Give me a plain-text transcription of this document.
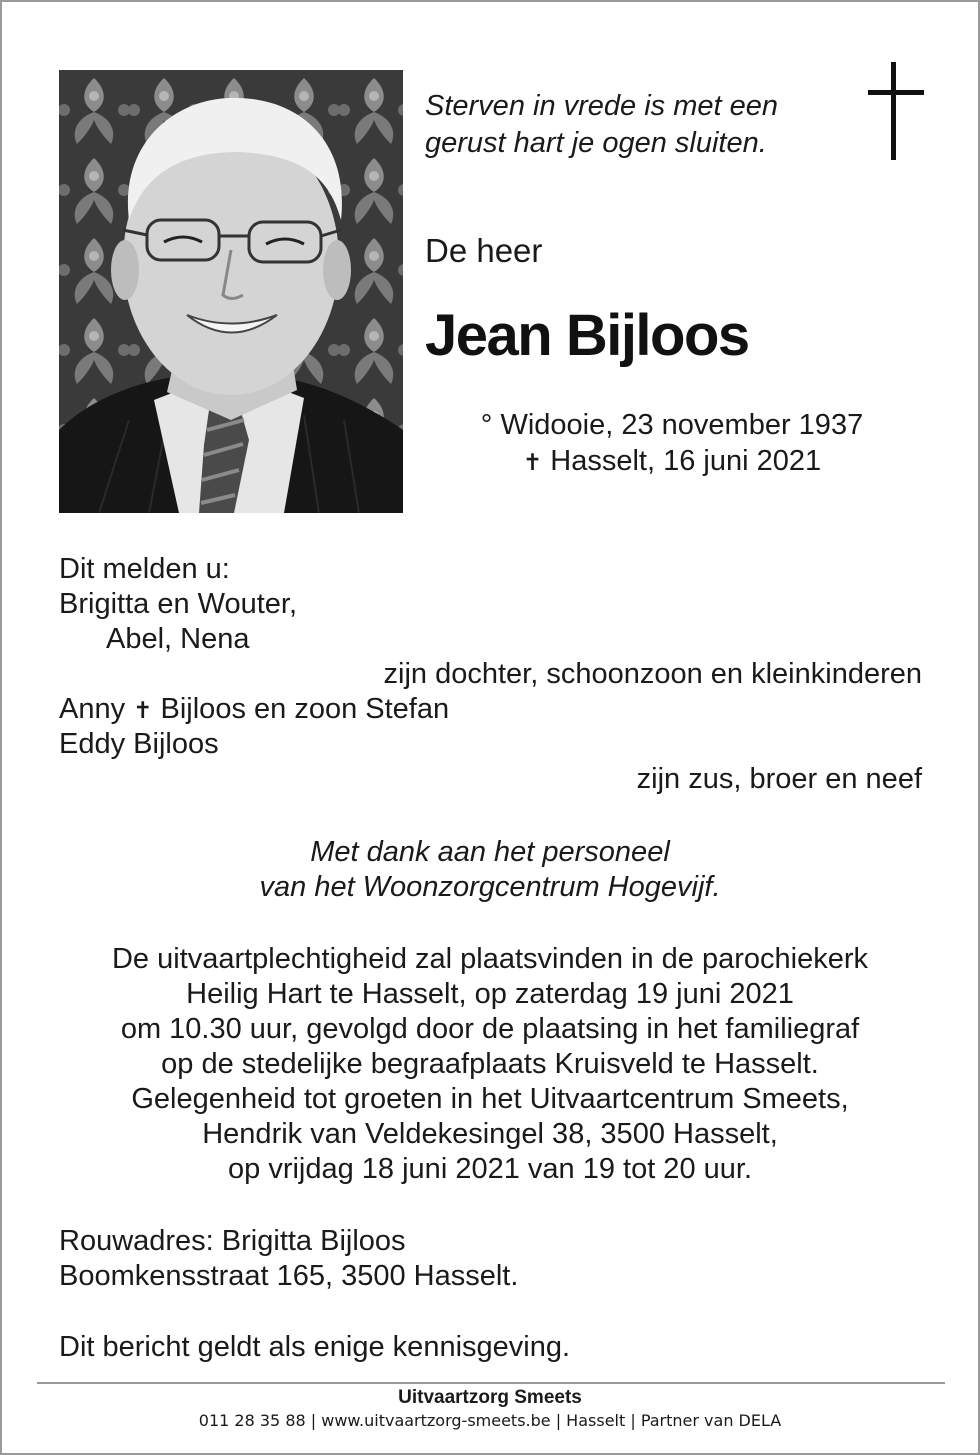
Sterven in vrede is met een
gerust hart je ogen sluiten.
De heer
Jean Bijloos
° Widooie, 23 november 1937
✝ Hasselt, 16 juni 2021
Dit melden u:
Brigitta en Wouter,
Abel, Nena
zijn dochter, schoonzoon en kleinkinderen
Anny ✝ Bijloos en zoon Stefan
Eddy Bijloos
zijn zus, broer en neef
Met dank aan het personeel
van het Woonzorgcentrum Hogevijf.
De uitvaartplechtigheid zal plaatsvinden in de parochiekerk
Heilig Hart te Hasselt, op zaterdag 19 juni 2021
om 10.30 uur, gevolgd door de plaatsing in het familiegraf
op de stedelijke begraafplaats Kruisveld te Hasselt.
Gelegenheid tot groeten in het Uitvaartcentrum Smeets,
Hendrik van Veldekesingel 38, 3500 Hasselt,
op vrijdag 18 juni 2021 van 19 tot 20 uur.
Rouwadres: Brigitta Bijloos
Boomkensstraat 165, 3500 Hasselt.
Dit bericht geldt als enige kennisgeving.
Uitvaartzorg Smeets
011 28 35 88 | www.uitvaartzorg-smeets.be | Hasselt | Partner van DELA
